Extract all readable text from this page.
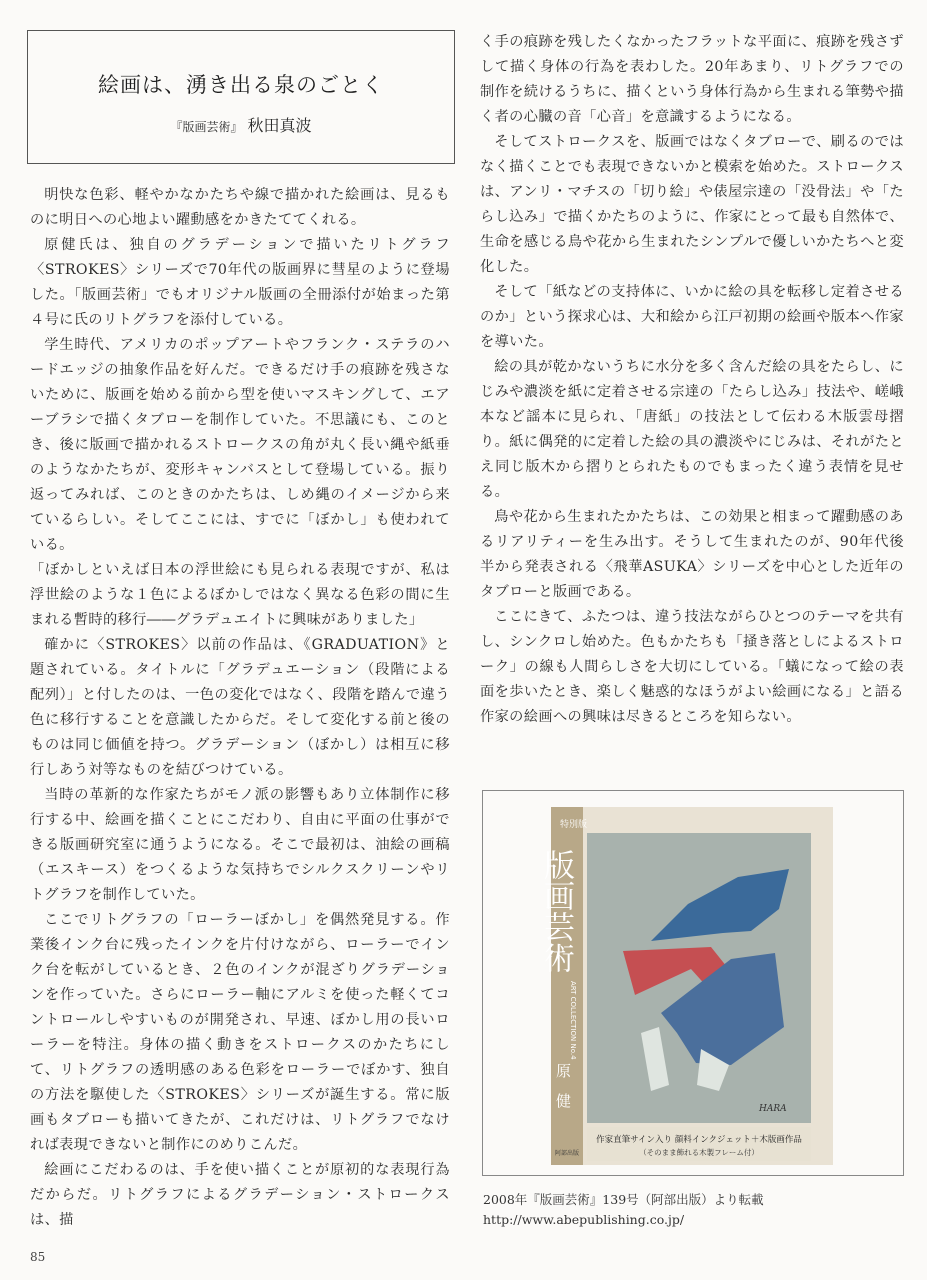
絵画は、湧き出る泉のごとく
『版画芸術』 秋田真波

明快な色彩、軽やかなかたちや線で描かれた絵画は、見るものに明日への心地よい躍動感をかきたててくれる。

原健氏は、独自のグラデーションで描いたリトグラフ〈STROKES〉シリーズで70年代の版画界に彗星のように登場した。「版画芸術」でもオリジナル版画の全冊添付が始まった第４号に氏のリトグラフを添付している。

学生時代、アメリカのポップアートやフランク・ステラのハードエッジの抽象作品を好んだ。できるだけ手の痕跡を残さないために、版画を始める前から型を使いマスキングして、エアーブラシで描くタブローを制作していた。不思議にも、このとき、後に版画で描かれるストロークスの角が丸く長い縄や紙垂のようなかたちが、変形キャンバスとして登場している。振り返ってみれば、このときのかたちは、しめ縄のイメージから来ているらしい。そしてここには、すでに「ぼかし」も使われている。

「ぼかしといえば日本の浮世絵にも見られる表現ですが、私は浮世絵のような１色によるぼかしではなく異なる色彩の間に生まれる暫時的移行――グラデュエイトに興味がありました」

確かに〈STROKES〉以前の作品は、《GRADUATION》と題されている。タイトルに「グラデュエーション（段階による配列）」と付したのは、一色の変化ではなく、段階を踏んで違う色に移行することを意識したからだ。そして変化する前と後のものは同じ価値を持つ。グラデーション（ぼかし）は相互に移行しあう対等なものを結びつけている。

当時の革新的な作家たちがモノ派の影響もあり立体制作に移行する中、絵画を描くことにこだわり、自由に平面の仕事ができる版画研究室に通うようになる。そこで最初は、油絵の画稿（エスキース）をつくるような気持ちでシルクスクリーンやリトグラフを制作していた。

ここでリトグラフの「ローラーぼかし」を偶然発見する。作業後インク台に残ったインクを片付けながら、ローラーでインク台を転がしているとき、２色のインクが混ざりグラデーションを作っていた。さらにローラー軸にアルミを使った軽くてコントロールしやすいものが開発され、早速、ぼかし用の長いローラーを特注。身体の描く動きをストロークスのかたちにして、リトグラフの透明感のある色彩をローラーでぼかす、独自の方法を駆使した〈STROKES〉シリーズが誕生する。常に版画もタブローも描いてきたが、これだけは、リトグラフでなければ表現できないと制作にのめりこんだ。

絵画にこだわるのは、手を使い描くことが原初的な表現行為だからだ。リトグラフによるグラデーション・ストロークスは、描

く手の痕跡を残したくなかったフラットな平面に、痕跡を残さずして描く身体の行為を表わした。20年あまり、リトグラフでの制作を続けるうちに、描くという身体行為から生まれる筆勢や描く者の心臓の音「心音」を意識するようになる。

そしてストロークスを、版画ではなくタブローで、刷るのではなく描くことでも表現できないかと模索を始めた。ストロークスは、アンリ・マチスの「切り絵」や俵屋宗達の「没骨法」や「たらし込み」で描くかたちのように、作家にとって最も自然体で、生命を感じる鳥や花から生まれたシンプルで優しいかたちへと変化した。

そして「紙などの支持体に、いかに絵の具を転移し定着させるのか」という探求心は、大和絵から江戸初期の絵画や版本へ作家を導いた。

絵の具が乾かないうちに水分を多く含んだ絵の具をたらし、にじみや濃淡を紙に定着させる宗達の「たらし込み」技法や、嵯峨本など謡本に見られ、「唐紙」の技法として伝わる木版雲母摺り。紙に偶発的に定着した絵の具の濃淡やにじみは、それがたとえ同じ版木から摺りとられたものでもまったく違う表情を見せる。

鳥や花から生まれたかたちは、この効果と相まって躍動感のあるリアリティーを生み出す。そうして生まれたのが、90年代後半から発表される〈飛華ASUKA〉シリーズを中心とした近年のタブローと版画である。

ここにきて、ふたつは、違う技法ながらひとつのテーマを共有し、シンクロし始めた。色もかたちも「掻き落としによるストローク」の線も人間らしさを大切にしている。「蟻になって絵の表面を歩いたとき、楽しく魅惑的なほうがよい絵画になる」と語る作家の絵画への興味は尽きるところを知らない。

特別版
版画芸術
ART COLLECTION No.4
原　健
HARA
作家直筆サイン入り 顔料インクジェット＋木版画作品
（そのまま飾れる木製フレーム付）
阿部出版
2008年『版画芸術』139号（阿部出版）より転載
http://www.abepublishing.co.jp/
85
